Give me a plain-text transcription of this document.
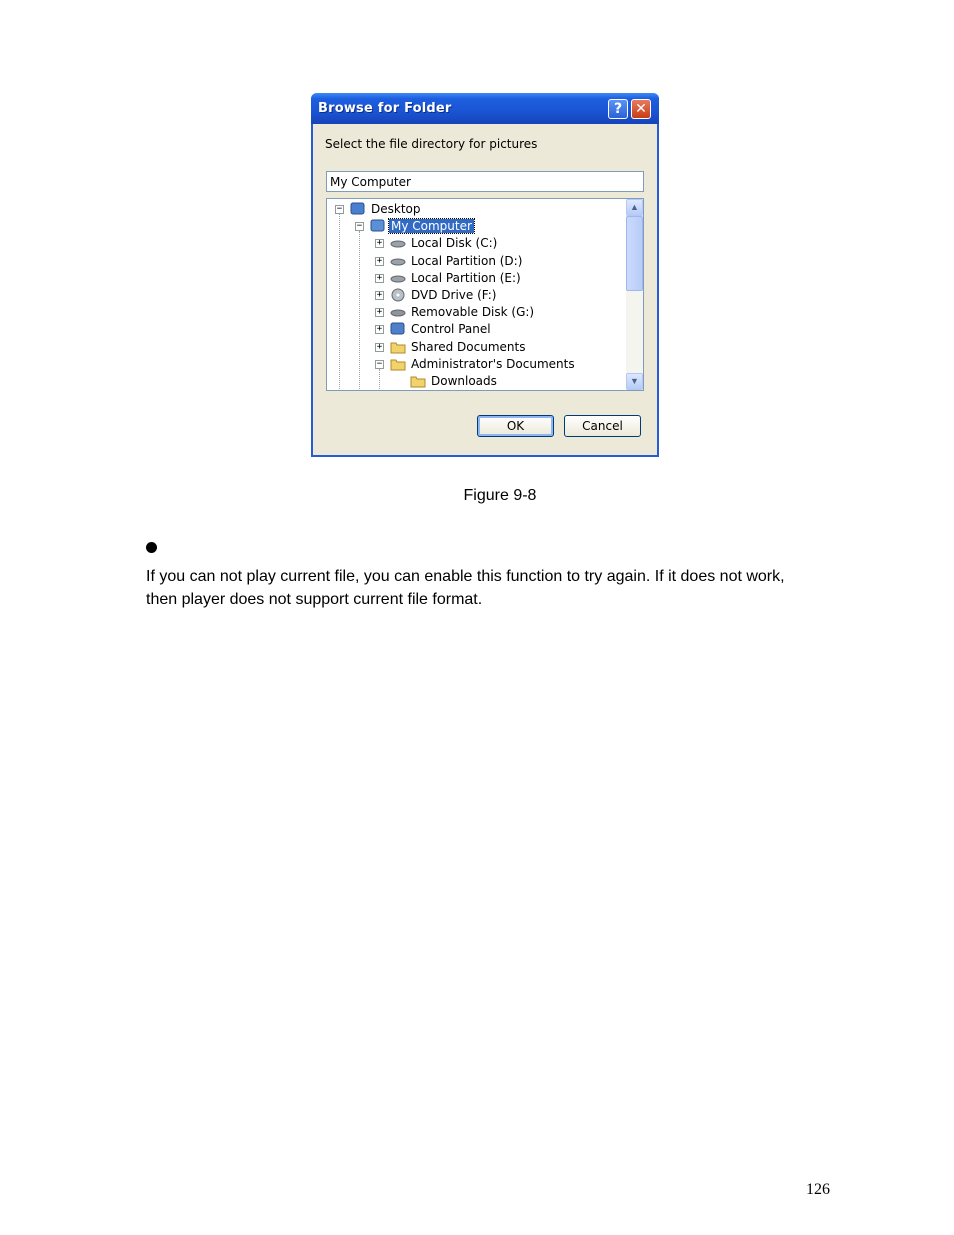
Browse for Folder	? ✕
Select the file directory for pictures
My Computer
− Desktop
− My Computer
+ Local Disk (C:)
+ Local Partition (D:)
+ Local Partition (E:)
+ DVD Drive (F:)
+ Removable Disk (G:)
+ Control Panel
+ Shared Documents
− Administrator's Documents
Downloads
▲
▼
OK	Cancel
Figure 9-8
If you can not play current file, you can enable this function to try again. If it does not work, then player does not support current file format.
126
